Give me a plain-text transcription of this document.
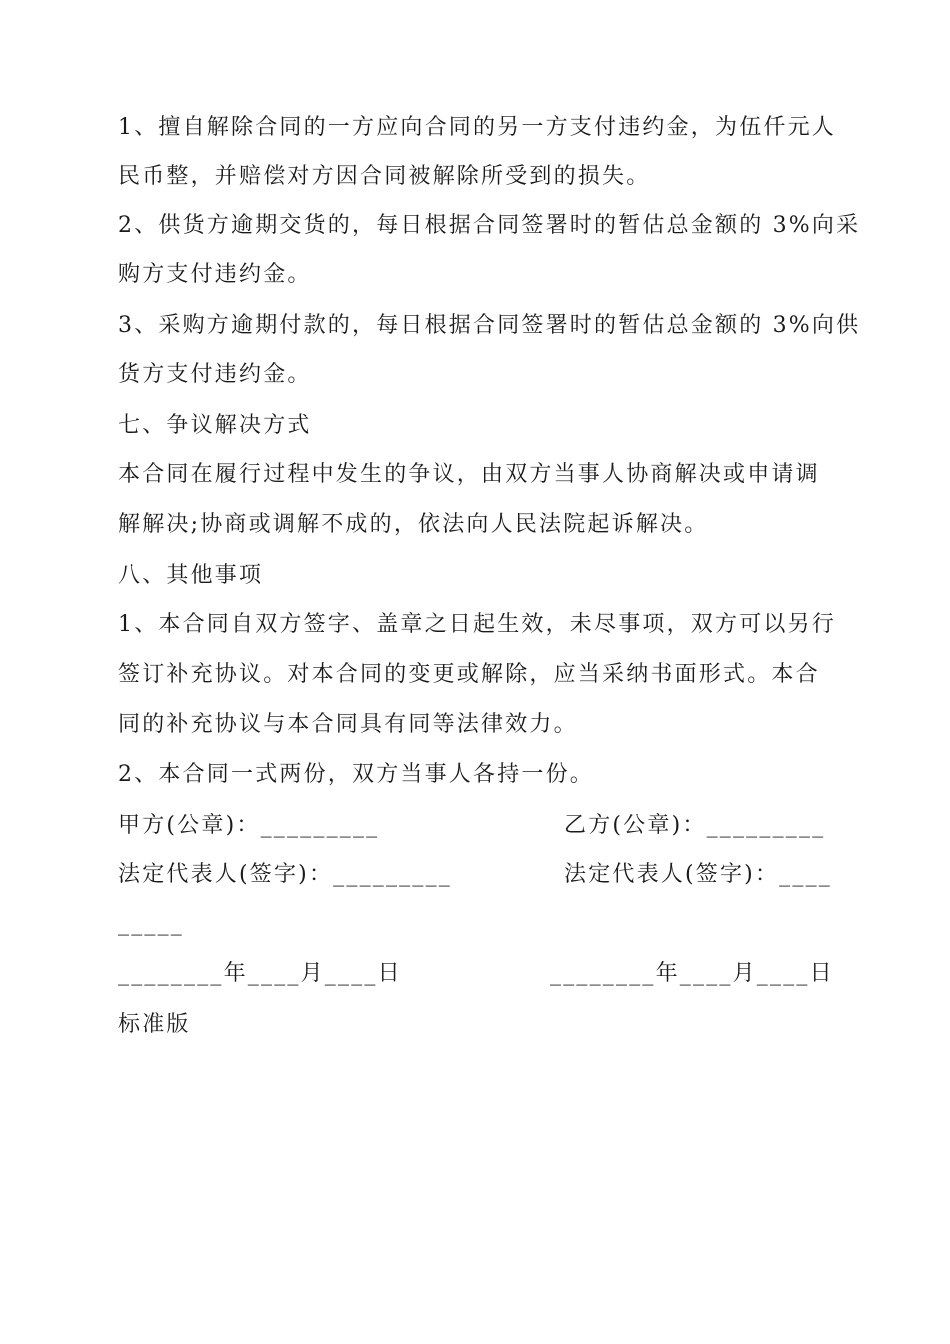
1、擅自解除合同的一方应向合同的另一方支付违约金，为伍仟元人
民币整，并赔偿对方因合同被解除所受到的损失。
2、供货方逾期交货的，每日根据合同签署时的暂估总金额的 3%向采
购方支付违约金。
3、采购方逾期付款的，每日根据合同签署时的暂估总金额的 3%向供
货方支付违约金。
七、争议解决方式
本合同在履行过程中发生的争议，由双方当事人协商解决或申请调
解解决;协商或调解不成的，依法向人民法院起诉解决。
八、其他事项
1、本合同自双方签字、盖章之日起生效，未尽事项，双方可以另行
签订补充协议。对本合同的变更或解除，应当采纳书面形式。本合
同的补充协议与本合同具有同等法律效力。
2、本合同一式两份，双方当事人各持一份。
甲方(公章)：_________	乙方(公章)：_________
法定代表人(签字)：_________	法定代表人(签字)：____
_____
________年____月____日	________年____月____日
标准版
